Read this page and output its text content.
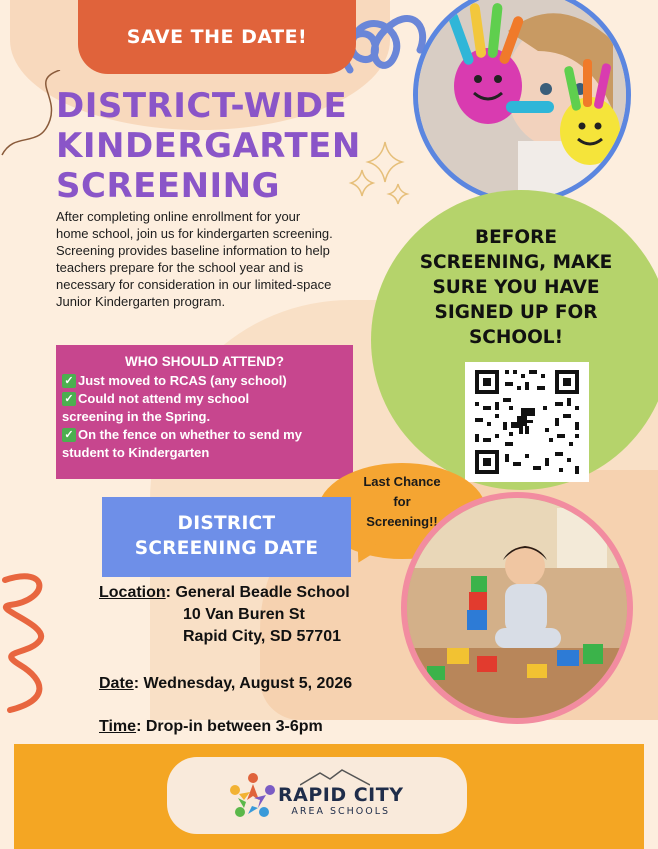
SAVE THE DATE!
DISTRICT-WIDE
KINDERGARTEN
SCREENING
After completing online enrollment for your
home school, join us for kindergarten screening.
Screening provides baseline information to help
teachers prepare for the school year and is
necessary for consideration in our limited-space
Junior Kindergarten program.
WHO SHOULD ATTEND?
✓ Just moved to RCAS (any school)
✓ Could not attend my school
screening in the Spring.
✓ On the fence on whether to send my
student to Kindergarten
BEFORE
SCREENING, MAKE
SURE YOU HAVE
SIGNED UP FOR
SCHOOL!
Last Chance
for
Screening!!
DISTRICT
SCREENING DATE
Location: General Beadle School
10 Van Buren St
Rapid City, SD 57701
Date: Wednesday, August 5, 2026
Time: Drop-in between 3-6pm
RAPID CITY
AREA SCHOOLS
